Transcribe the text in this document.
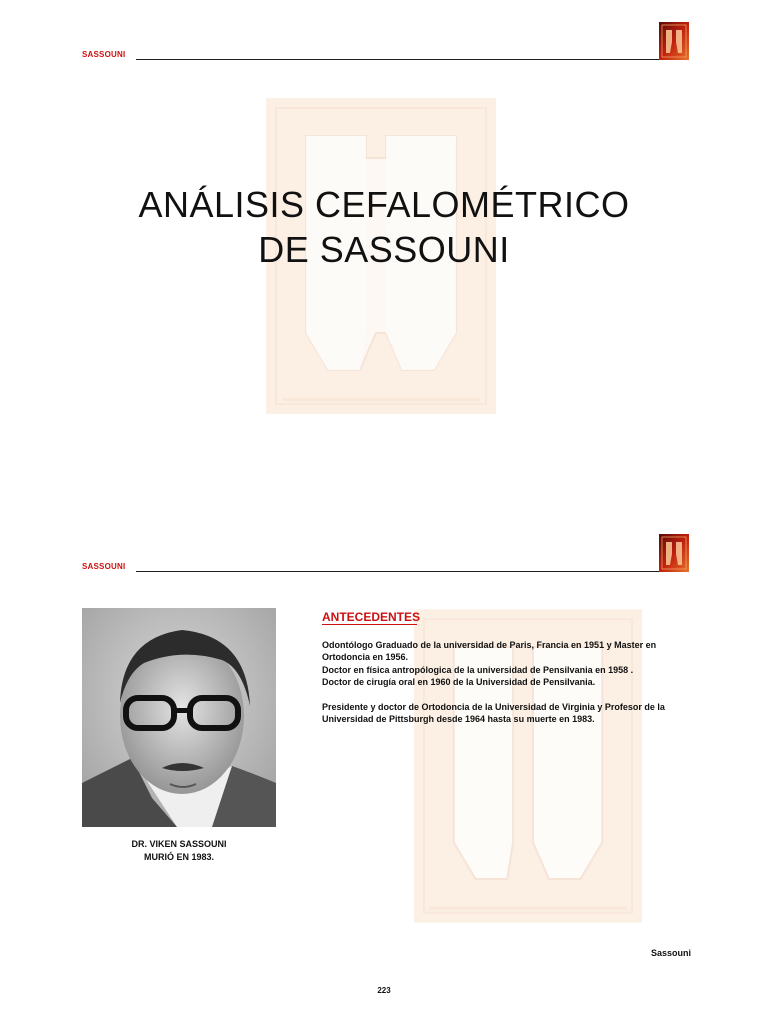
SASSOUNI
ANÁLISIS CEFALOMÉTRICO
DE SASSOUNI
SASSOUNI
DR. VIKEN SASSOUNI
MURIÓ EN 1983.
ANTECEDENTES

Odontólogo Graduado de la universidad de Paris, Francia en 1951 y Master en
Ortodoncia en 1956.
Doctor en física antropólogica de la universidad de Pensilvania en 1958 .
Doctor de cirugía oral en 1960 de la Universidad de Pensilvania.

Presidente y doctor de Ortodoncia de la Universidad de Virginia y Profesor de la
Universidad de Pittsburgh desde 1964 hasta su muerte en 1983.

Sassouni
223
